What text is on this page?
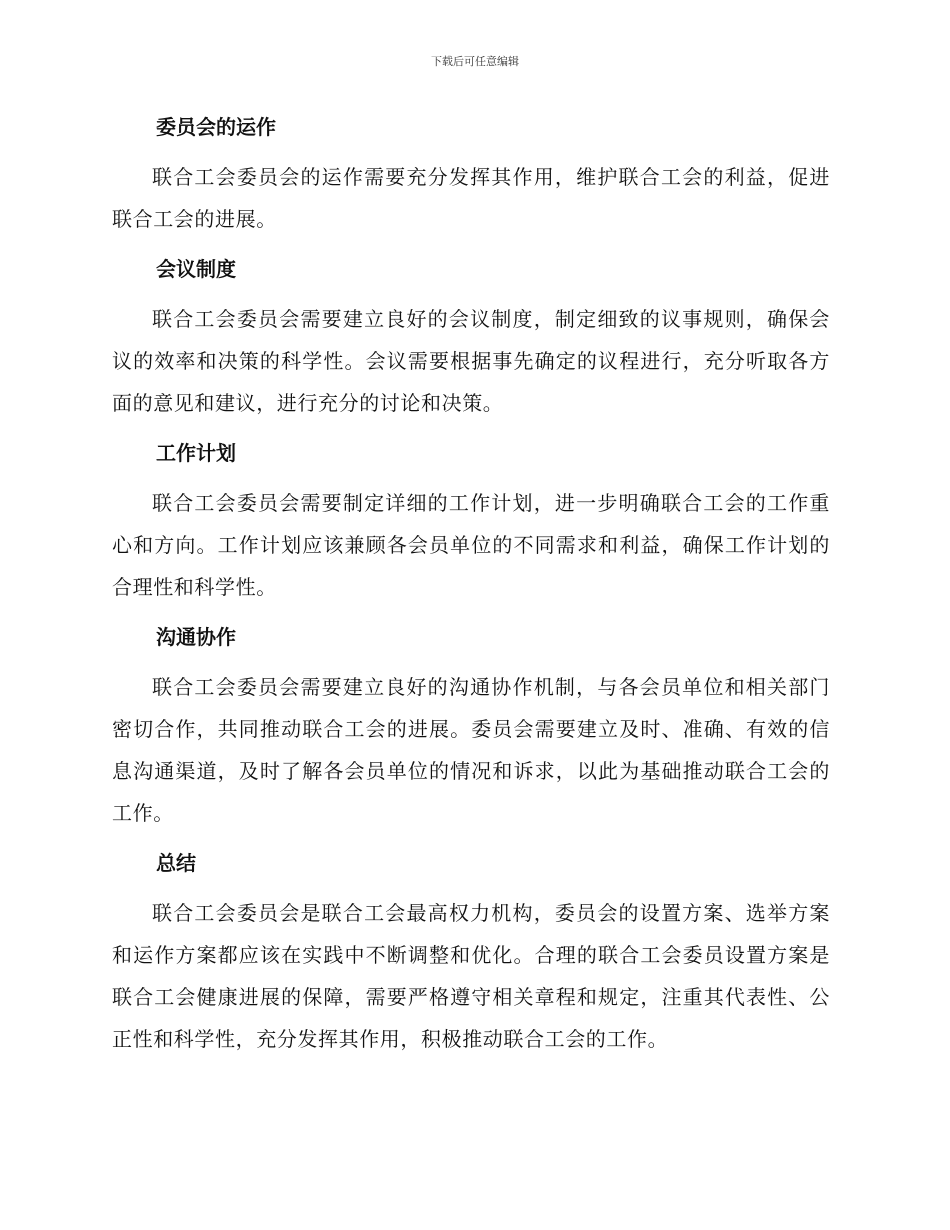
下载后可任意编辑
委员会的运作

联合工会委员会的运作需要充分发挥其作用，维护联合工会的利益，促进联合工会的进展。

会议制度

联合工会委员会需要建立良好的会议制度，制定细致的议事规则，确保会议的效率和决策的科学性。会议需要根据事先确定的议程进行，充分听取各方面的意见和建议，进行充分的讨论和决策。

工作计划

联合工会委员会需要制定详细的工作计划，进一步明确联合工会的工作重心和方向。工作计划应该兼顾各会员单位的不同需求和利益，确保工作计划的合理性和科学性。

沟通协作

联合工会委员会需要建立良好的沟通协作机制，与各会员单位和相关部门密切合作，共同推动联合工会的进展。委员会需要建立及时、准确、有效的信息沟通渠道，及时了解各会员单位的情况和诉求，以此为基础推动联合工会的工作。

总结

联合工会委员会是联合工会最高权力机构，委员会的设置方案、选举方案和运作方案都应该在实践中不断调整和优化。合理的联合工会委员设置方案是联合工会健康进展的保障，需要严格遵守相关章程和规定，注重其代表性、公正性和科学性，充分发挥其作用，积极推动联合工会的工作。
